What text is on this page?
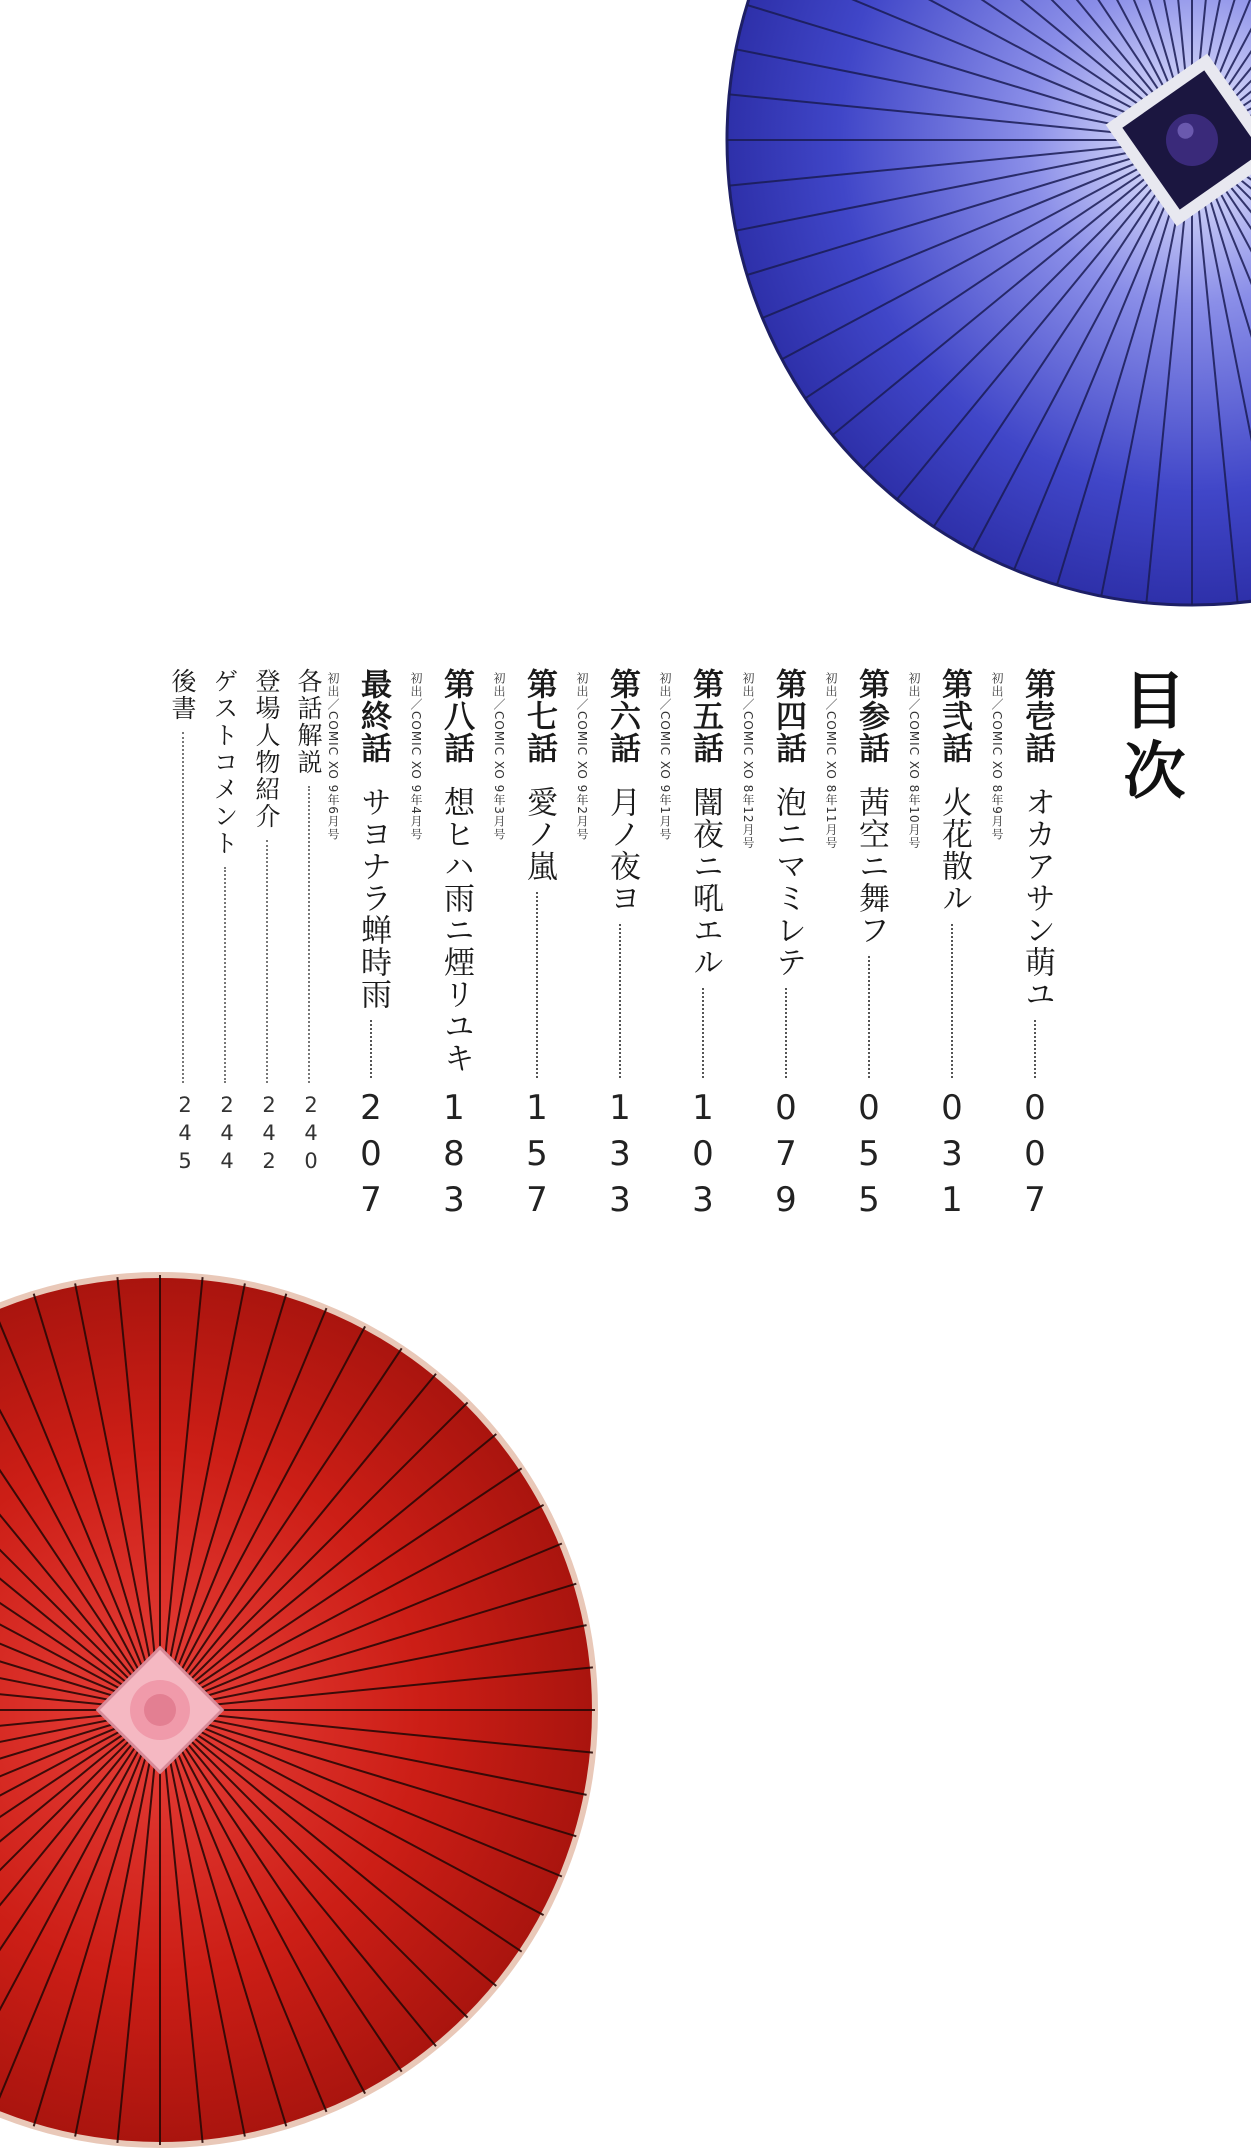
目次
第壱話オカアサン萌ユ
007
初出／COMIC XO 8年9月号
第弐話火花散ル
031
初出／COMIC XO 8年10月号
第参話茜空ニ舞フ
055
初出／COMIC XO 8年11月号
第四話泡ニマミレテ
079
初出／COMIC XO 8年12月号
第五話闇夜ニ吼エル
103
初出／COMIC XO 9年1月号
第六話月ノ夜ヨ
133
初出／COMIC XO 9年2月号
第七話愛ノ嵐
157
初出／COMIC XO 9年3月号
第八話想ヒハ雨ニ煙リユキ
183
初出／COMIC XO 9年4月号
最終話サヨナラ蝉時雨
207
初出／COMIC XO 9年6月号
各話解説
240
登場人物紹介
242
ゲストコメント
244
後書
245
